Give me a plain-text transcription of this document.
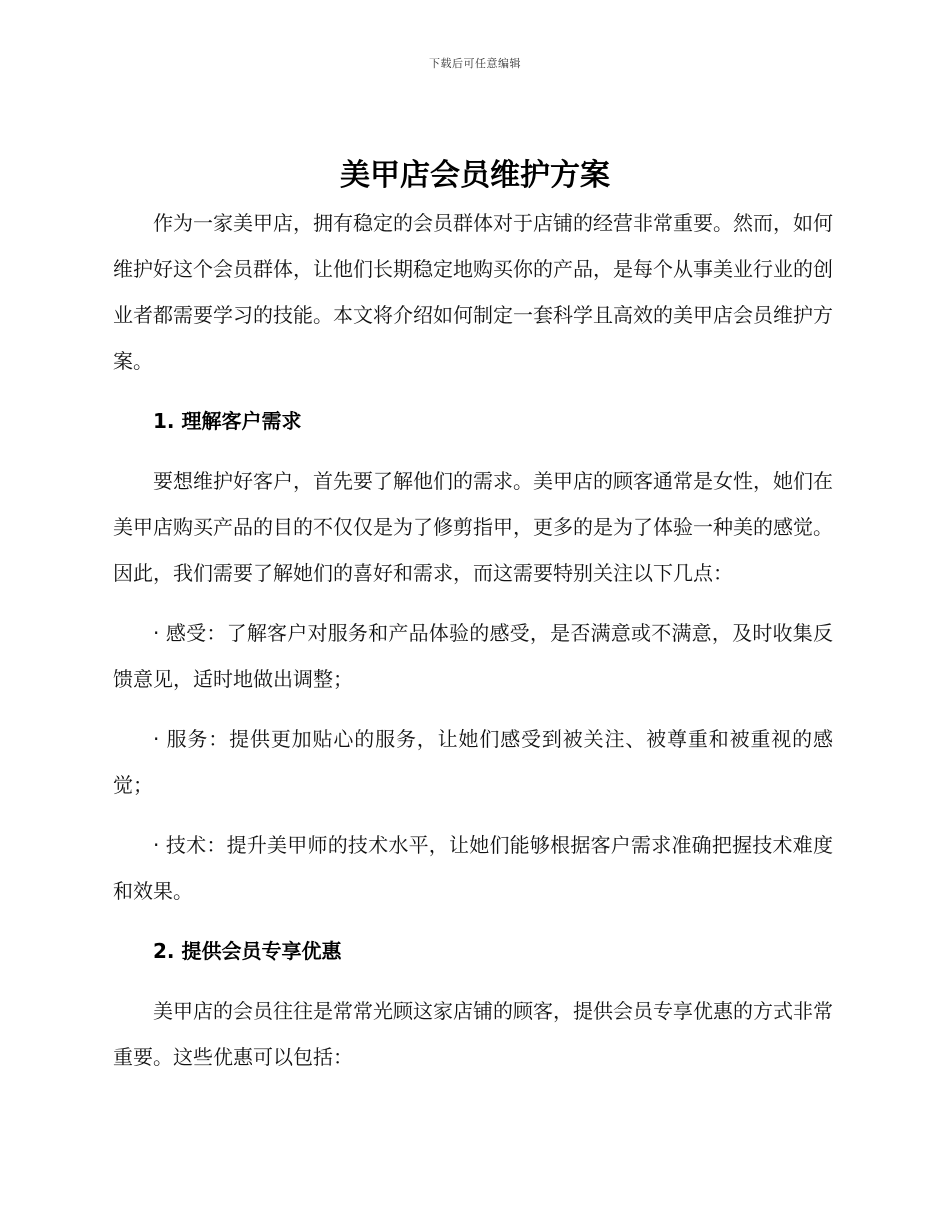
下载后可任意编辑
美甲店会员维护方案

作为一家美甲店，拥有稳定的会员群体对于店铺的经营非常重要。然而，如何维护好这个会员群体，让他们长期稳定地购买你的产品，是每个从事美业行业的创业者都需要学习的技能。本文将介绍如何制定一套科学且高效的美甲店会员维护方案。

1. 理解客户需求

要想维护好客户，首先要了解他们的需求。美甲店的顾客通常是女性，她们在美甲店购买产品的目的不仅仅是为了修剪指甲，更多的是为了体验一种美的感觉。因此，我们需要了解她们的喜好和需求，而这需要特别关注以下几点：

· 感受：了解客户对服务和产品体验的感受，是否满意或不满意，及时收集反馈意见，适时地做出调整；

· 服务：提供更加贴心的服务，让她们感受到被关注、被尊重和被重视的感觉；

· 技术：提升美甲师的技术水平，让她们能够根据客户需求准确把握技术难度和效果。

2. 提供会员专享优惠

美甲店的会员往往是常常光顾这家店铺的顾客，提供会员专享优惠的方式非常重要。这些优惠可以包括：
